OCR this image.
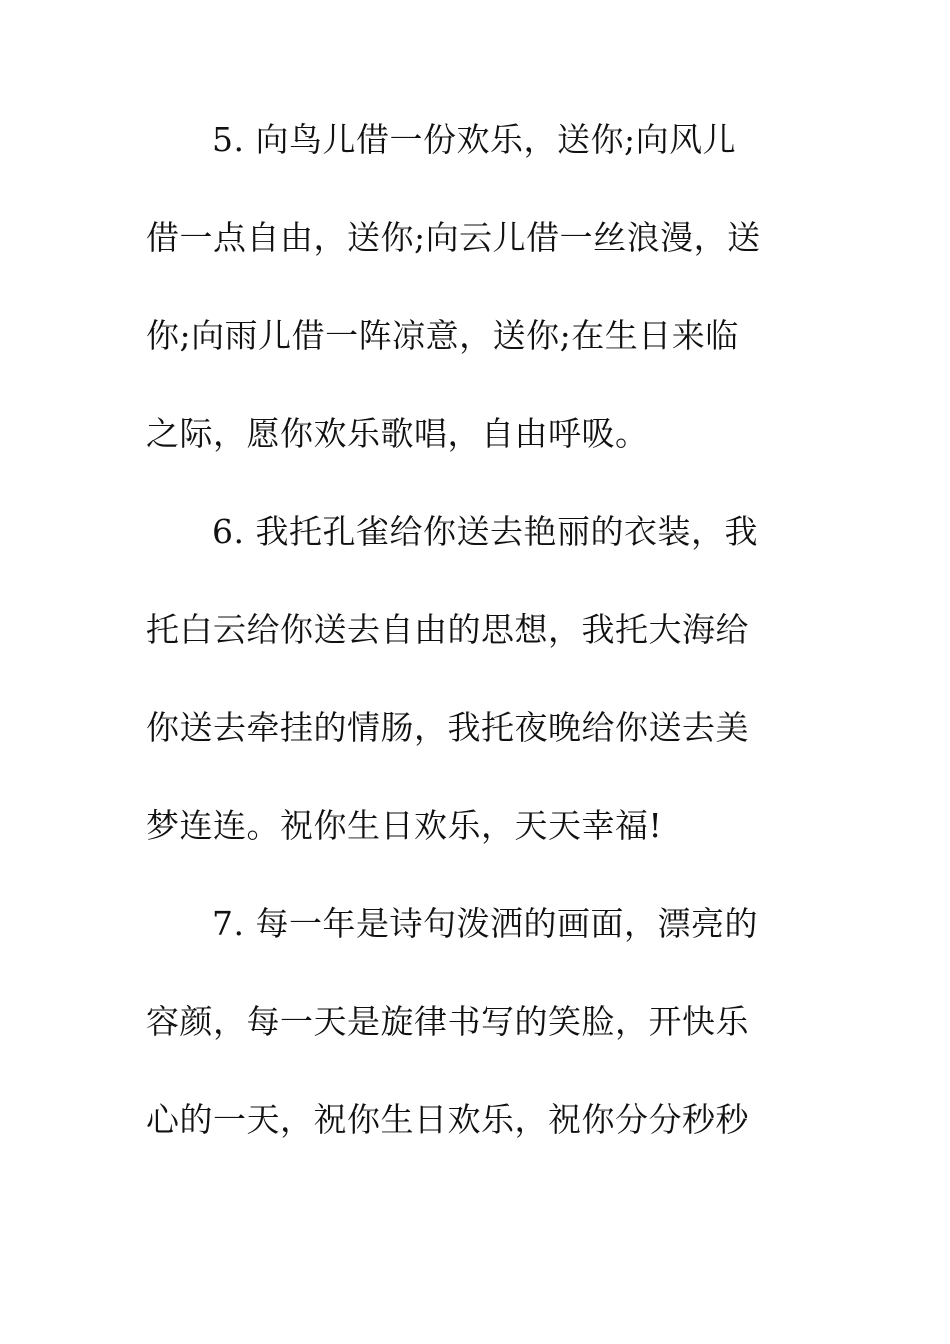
5. 向鸟儿借一份欢乐，送你;向风儿
借一点自由，送你;向云儿借一丝浪漫，送
你;向雨儿借一阵凉意，送你;在生日来临
之际，愿你欢乐歌唱，自由呼吸。
6. 我托孔雀给你送去艳丽的衣装，我
托白云给你送去自由的思想，我托大海给
你送去牵挂的情肠，我托夜晚给你送去美
梦连连。祝你生日欢乐，天天幸福!
7. 每一年是诗句泼洒的画面，漂亮的
容颜，每一天是旋律书写的笑脸，开快乐
心的一天，祝你生日欢乐，祝你分分秒秒
